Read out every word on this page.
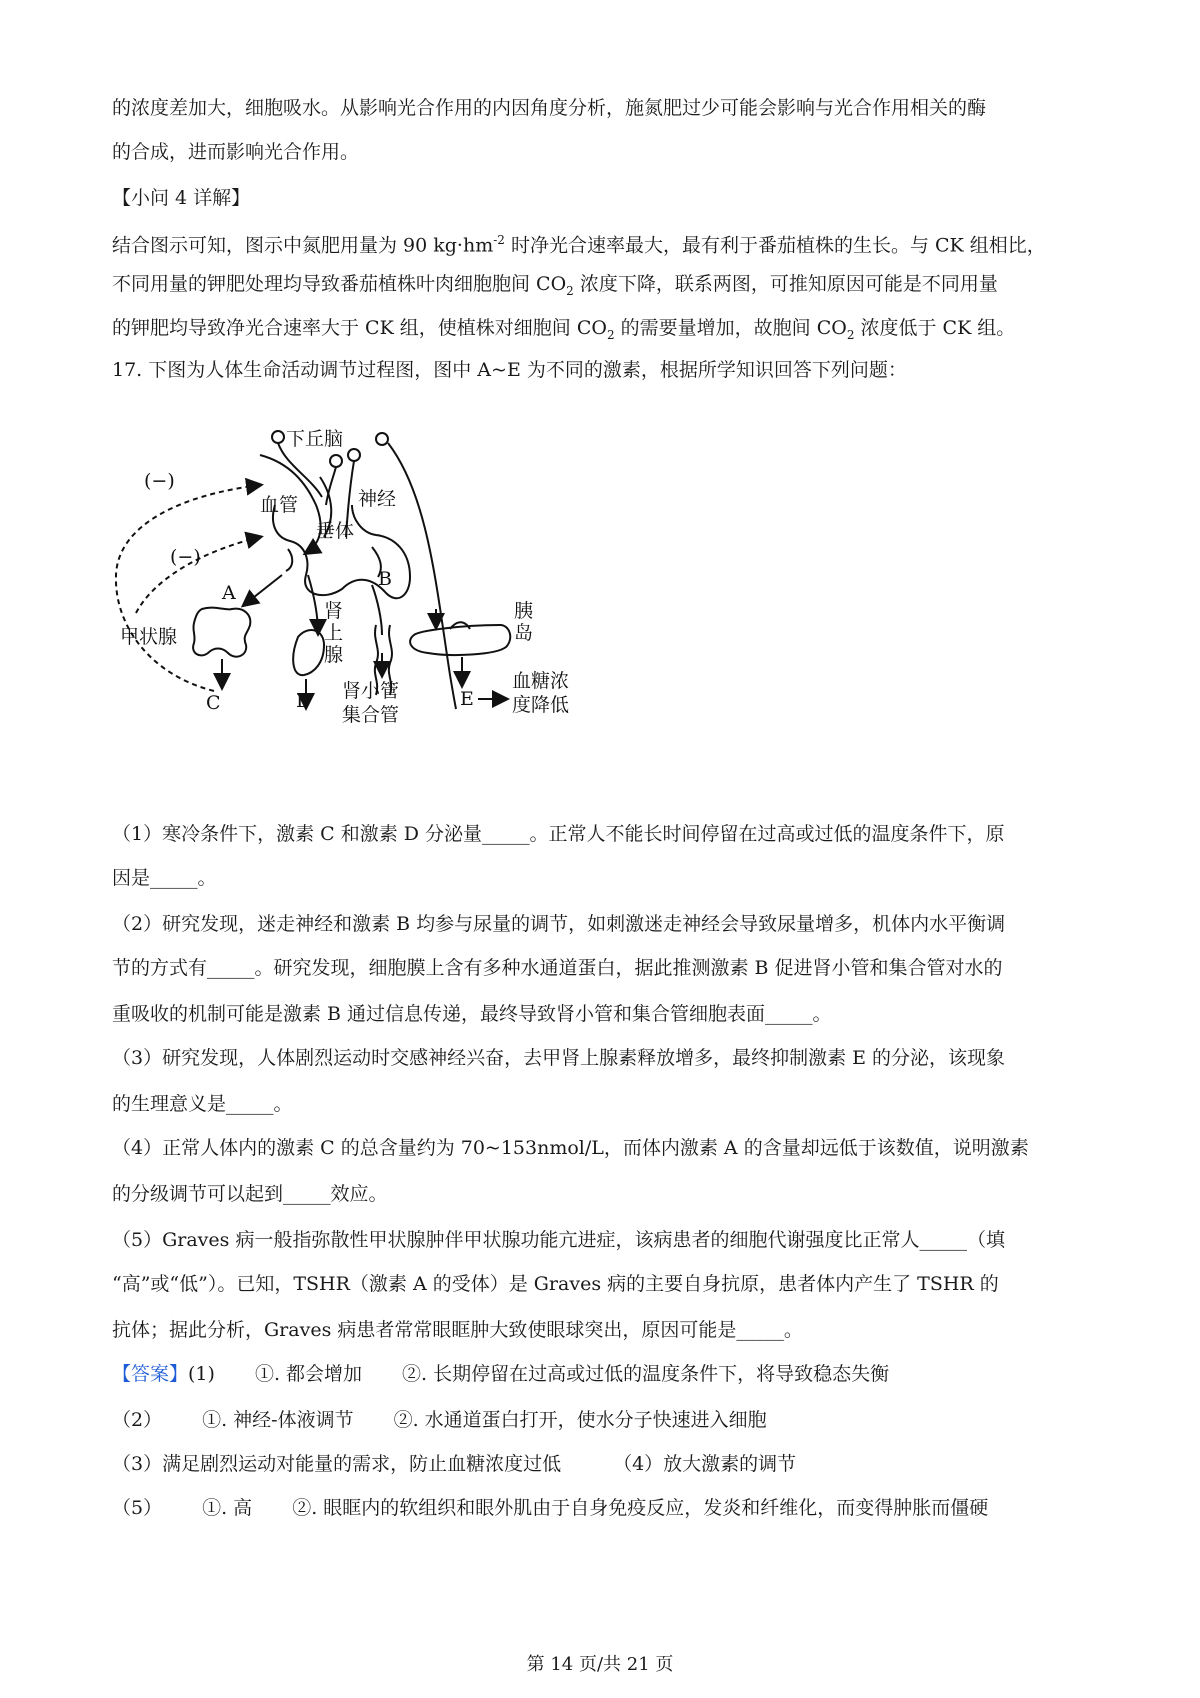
的浓度差加大，细胞吸水。从影响光合作用的内因角度分析，施氮肥过少可能会影响与光合作用相关的酶
的合成，进而影响光合作用。
【小问 4 详解】
结合图示可知，图示中氮肥用量为 90 $kg\cdot hm^{-2}$ 时净光合速率最大，最有利于番茄植株的生长。与 CK 组相比，
不同用量的钾肥处理均导致番茄植株叶肉细胞胞间 $CO_2$ 浓度下降，联系两图，可推知原因可能是不同用量
的钾肥均导致净光合速率大于 CK 组，使植株对细胞间 $CO_2$ 的需要量增加，故胞间 $CO_2$ 浓度低于 CK 组。
17. 下图为人体生命活动调节过程图，图中 A~E 为不同的激素，根据所学知识回答下列问题：
下丘脑
血管	神经
垂体
(−)
(−)
A
B
C	D	E
甲状腺
肾
上
腺
肾小管
集合管
胰
岛
血糖浓
度降低
（1）寒冷条件下，激素 C 和激素 D 分泌量_____。正常人不能长时间停留在过高或过低的温度条件下，原
因是_____。
（2）研究发现，迷走神经和激素 B 均参与尿量的调节，如刺激迷走神经会导致尿量增多，机体内水平衡调
节的方式有_____。研究发现，细胞膜上含有多种水通道蛋白，据此推测激素 B 促进肾小管和集合管对水的
重吸收的机制可能是激素 B 通过信息传递，最终导致肾小管和集合管细胞表面_____。
（3）研究发现，人体剧烈运动时交感神经兴奋，去甲肾上腺素释放增多，最终抑制激素 E 的分泌，该现象
的生理意义是_____。
（4）正常人体内的激素 C 的总含量约为 70~153nmol/L，而体内激素 A 的含量却远低于该数值，说明激素
的分级调节可以起到_____效应。
（5）Graves 病一般指弥散性甲状腺肿伴甲状腺功能亢进症，该病患者的细胞代谢强度比正常人_____（填
“高”或“低”）。已知，TSHR（激素 A 的受体）是 Graves 病的主要自身抗原，患者体内产生了 TSHR 的
抗体；据此分析，Graves 病患者常常眼眶肿大致使眼球突出，原因可能是_____。
【答案】(1) ①. 都会增加 ②. 长期停留在过高或过低的温度条件下，将导致稳态失衡
（2） ①. 神经-体液调节 ②. 水通道蛋白打开，使水分子快速进入细胞
（3）满足剧烈运动对能量的需求，防止血糖浓度过低	（4）放大激素的调节
（5） ①. 高 ②. 眼眶内的软组织和眼外肌由于自身免疫反应，发炎和纤维化，而变得肿胀而僵硬
第 14 页/共 21 页
